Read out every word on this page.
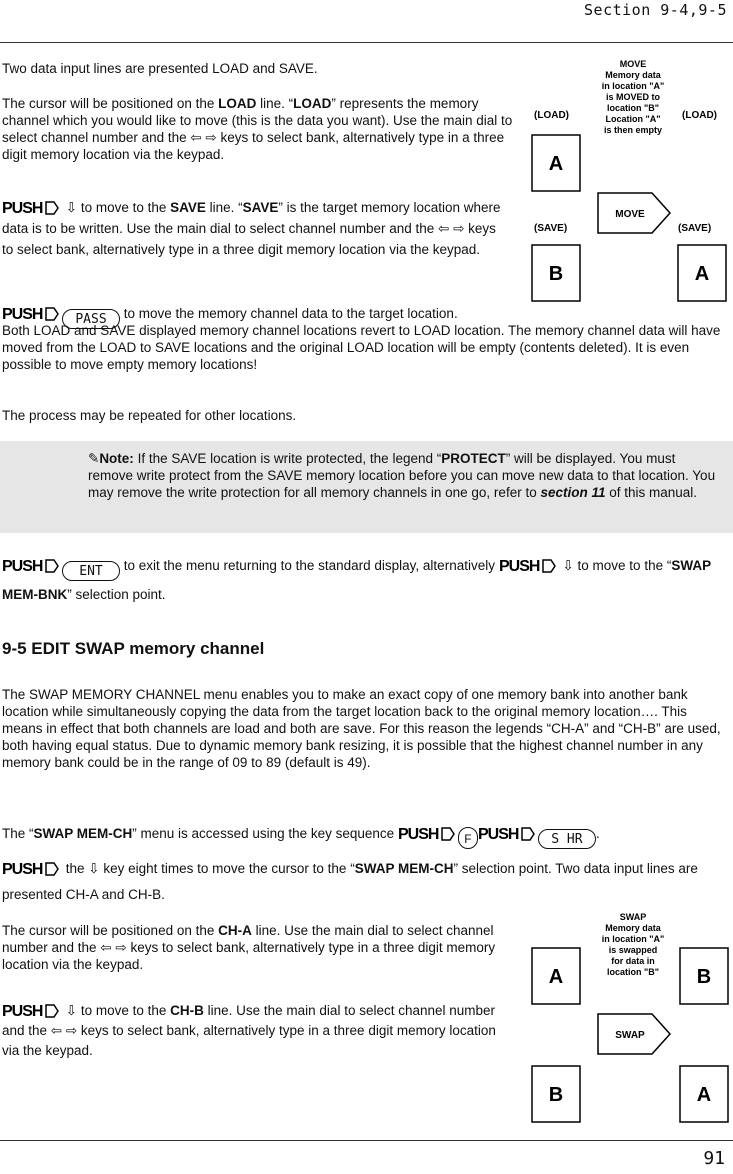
Section 9-4,9-5

Two data input lines are presented LOAD and SAVE.

The cursor will be positioned on the LOAD line. “LOAD” represents the memory channel which you would like to move (this is the data you want). Use the main dial to select channel number and the ⇦ ⇨ keys to select bank, alternatively type in a three digit memory location via the keypad.

PUSH ⇩ to move to the SAVE line. “SAVE” is the target memory location where data is to be written. Use the main dial to select channel number and the ⇦ ⇨ keys to select bank, alternatively type in a three digit memory location via the keypad.

PUSH	PASS to move the memory channel data to the target location.

Both LOAD and SAVE displayed memory channel locations revert to LOAD location. The memory channel data will have moved from the LOAD to SAVE locations and the original LOAD location will be empty (contents deleted). It is even possible to move empty memory locations!

The process may be repeated for other locations.

✎Note: If the SAVE location is write protected, the legend “PROTECT” will be displayed. You must remove write protect from the SAVE memory location before you can move new data to that location. You may remove the write protection for all memory channels in one go, refer to section 11 of this manual.

PUSH	ENT to exit the menu returning to the standard display, alternatively PUSH ⇩ to move to the “SWAP MEM-BNK” selection point.

9-5 EDIT SWAP memory channel

The SWAP MEMORY CHANNEL menu enables you to make an exact copy of one memory bank into another bank location while simultaneously copying the data from the target location back to the original memory location…. This means in effect that both channels are load and both are save. For this reason the legends “CH-A” and “CH-B” are used, both having equal status. Due to dynamic memory bank resizing, it is possible that the highest channel number in any memory bank could be in the range of 09 to 89 (default is 49).

The “SWAP MEM-CH” menu is accessed using the key sequence PUSH F PUSH	S HR .

PUSH the ⇩ key eight times to move the cursor to the “SWAP MEM-CH” selection point. Two data input lines are presented CH-A and CH-B.

The cursor will be positioned on the CH-A line. Use the main dial to select channel number and the ⇦ ⇨ keys to select bank, alternatively type in a three digit memory location via the keypad.

PUSH ⇩ to move to the CH-B line. Use the main dial to select channel number and the ⇦ ⇨ keys to select bank, alternatively type in a three digit memory location via the keypad.

MOVE
Memory data
in location "A"
is MOVED to
location "B"
Location "A"
is then empty
(LOAD)	(LOAD)
A
(SAVE)	(SAVE)
B	A
MOVE
SWAP
Memory data
in location "A"
is swapped
for data in
location "B"
A	B
B	A
SWAP
91
